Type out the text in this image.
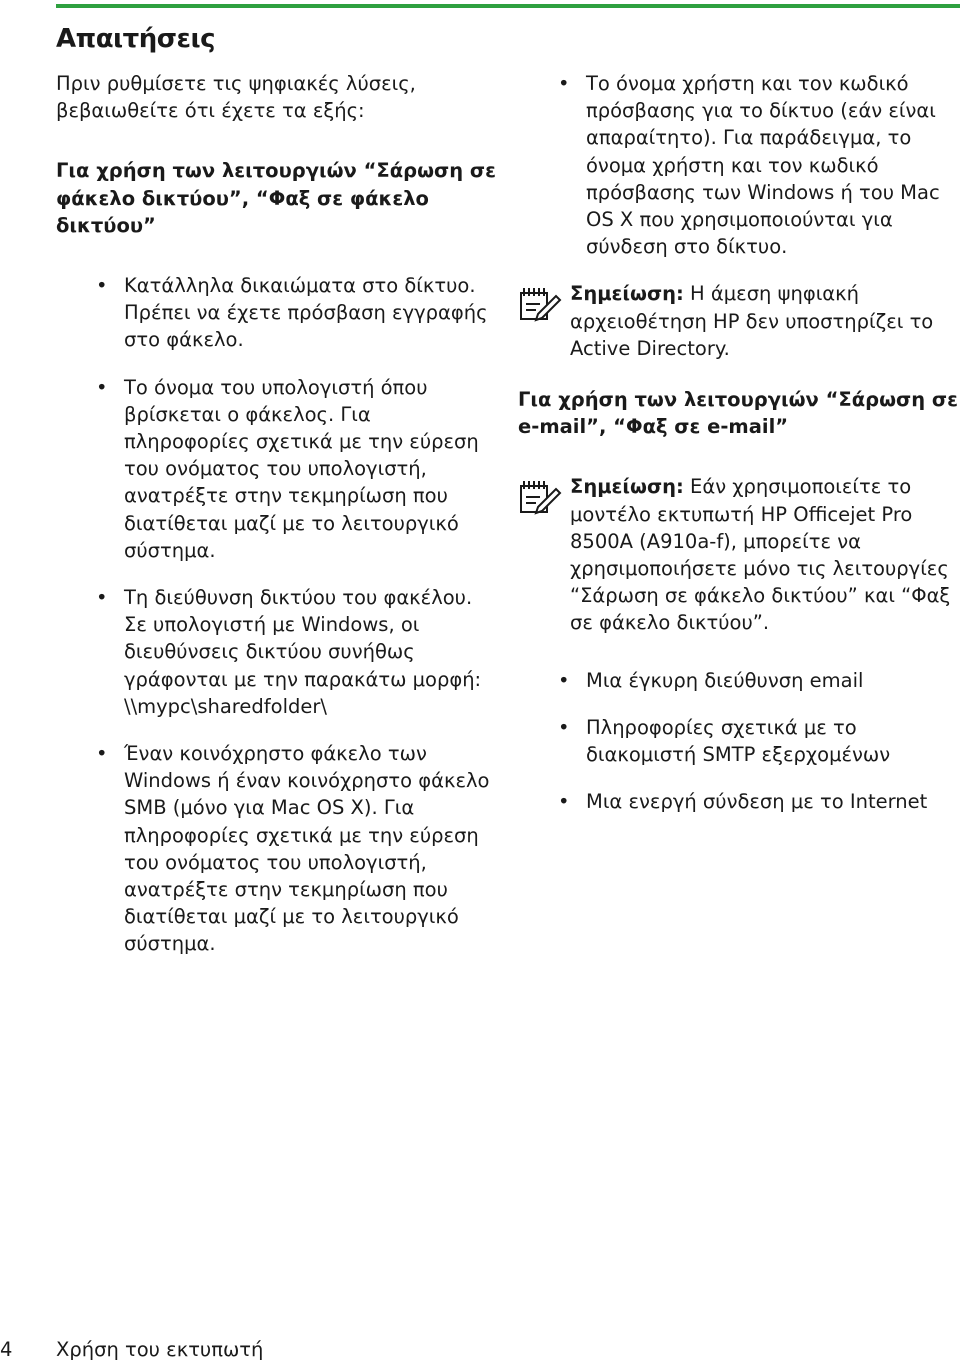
Απαιτήσεις

Πριν ρυθμίσετε τις ψηφιακές λύσεις, βεβαιωθείτε ότι έχετε τα εξής:

Για χρήση των λειτουργιών “Σάρωση σε φάκελο δικτύου”, “Φαξ σε φάκελο δικτύου”

• Κατάλληλα δικαιώματα στο δίκτυο. Πρέπει να έχετε πρόσβαση εγγραφής στο φάκελο.
• Το όνομα του υπολογιστή όπου βρίσκεται ο φάκελος. Για πληροφορίες σχετικά με την εύρεση του ονόματος του υπολογιστή, ανατρέξτε στην τεκμηρίωση που διατίθεται μαζί με το λειτουργικό σύστημα.
• Τη διεύθυνση δικτύου του φακέλου. Σε υπολογιστή με Windows, οι διευθύνσεις δικτύου συνήθως γράφονται με την παρακάτω μορφή: \\mypc\sharedfolder\
• Έναν κοινόχρηστο φάκελο των Windows ή έναν κοινόχρηστο φάκελο SMB (μόνο για Mac OS X). Για πληροφορίες σχετικά με την εύρεση του ονόματος του υπολογιστή, ανατρέξτε στην τεκμηρίωση που διατίθεται μαζί με το λειτουργικό σύστημα.
• Το όνομα χρήστη και τον κωδικό πρόσβασης για το δίκτυο (εάν είναι απαραίτητο). Για παράδειγμα, το όνομα χρήστη και τον κωδικό πρόσβασης των Windows ή του Mac OS X που χρησιμοποιούνται για σύνδεση στο δίκτυο.
Σημείωση: Η άμεση ψηφιακή αρχειοθέτηση HP δεν υποστηρίζει το Active Directory.

Για χρήση των λειτουργιών “Σάρωση σε e-mail”, “Φαξ σε e-mail”

Σημείωση: Εάν χρησιμοποιείτε το μοντέλο εκτυπωτή HP Officejet Pro 8500A (A910a-f), μπορείτε να χρησιμοποιήσετε μόνο τις λειτουργίες “Σάρωση σε φάκελο δικτύου” και “Φαξ σε φάκελο δικτύου”.
• Μια έγκυρη διεύθυνση email
• Πληροφορίες σχετικά με το διακομιστή SMTP εξερχομένων
• Μια ενεργή σύνδεση με το Internet
4 Χρήση του εκτυπωτή
